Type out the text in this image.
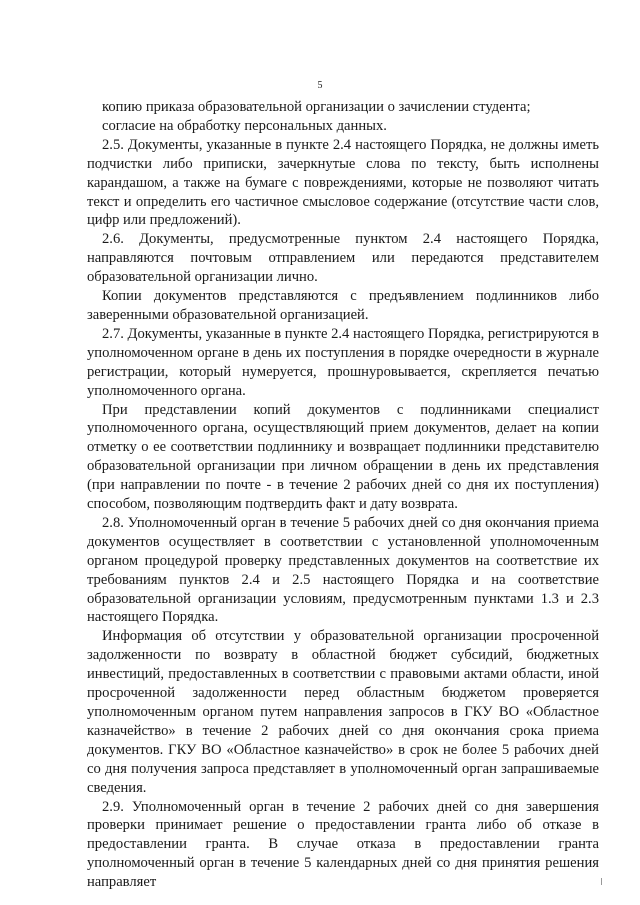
5

копию приказа образовательной организации о зачислении студента;

согласие на обработку персональных данных.

2.5. Документы, указанные в пункте 2.4 настоящего Порядка, не должны иметь подчистки либо приписки, зачеркнутые слова по тексту, быть исполнены карандашом, а также на бумаге с повреждениями, которые не позволяют читать текст и определить его частичное смысловое содержание (отсутствие части слов, цифр или предложений).

2.6. Документы, предусмотренные пунктом 2.4 настоящего Порядка, направляются почтовым отправлением или передаются представителем образовательной организации лично.

Копии документов представляются с предъявлением подлинников либо заверенными образовательной организацией.

2.7. Документы, указанные в пункте 2.4 настоящего Порядка, регистрируются в уполномоченном органе в день их поступления в порядке очередности в журнале регистрации, который нумеруется, прошнуровывается, скрепляется печатью уполномоченного органа.

При представлении копий документов с подлинниками специалист уполномоченного органа, осуществляющий прием документов, делает на копии отметку о ее соответствии подлиннику и возвращает подлинники представителю образовательной организации при личном обращении в день их представления (при направлении по почте - в течение 2 рабочих дней со дня их поступления) способом, позволяющим подтвердить факт и дату возврата.

2.8. Уполномоченный орган в течение 5 рабочих дней со дня окончания приема документов осуществляет в соответствии с установленной уполномоченным органом процедурой проверку представленных документов на соответствие их требованиям пунктов 2.4 и 2.5 настоящего Порядка и на соответствие образовательной организации условиям, предусмотренным пунктами 1.3 и 2.3 настоящего Порядка.

Информация об отсутствии у образовательной организации просроченной задолженности по возврату в областной бюджет субсидий, бюджетных инвестиций, предоставленных в соответствии с правовыми актами области, иной просроченной задолженности перед областным бюджетом проверяется уполномоченным органом путем направления запросов в ГКУ ВО «Областное казначейство» в течение 2 рабочих дней со дня окончания срока приема документов. ГКУ ВО «Областное казначейство» в срок не более 5 рабочих дней со дня получения запроса представляет в уполномоченный орган запрашиваемые сведения.

2.9. Уполномоченный орган в течение 2 рабочих дней со дня завершения проверки принимает решение о предоставлении гранта либо об отказе в предоставлении гранта. В случае отказа в предоставлении гранта уполномоченный орган в течение 5 календарных дней со дня принятия решения направляет
